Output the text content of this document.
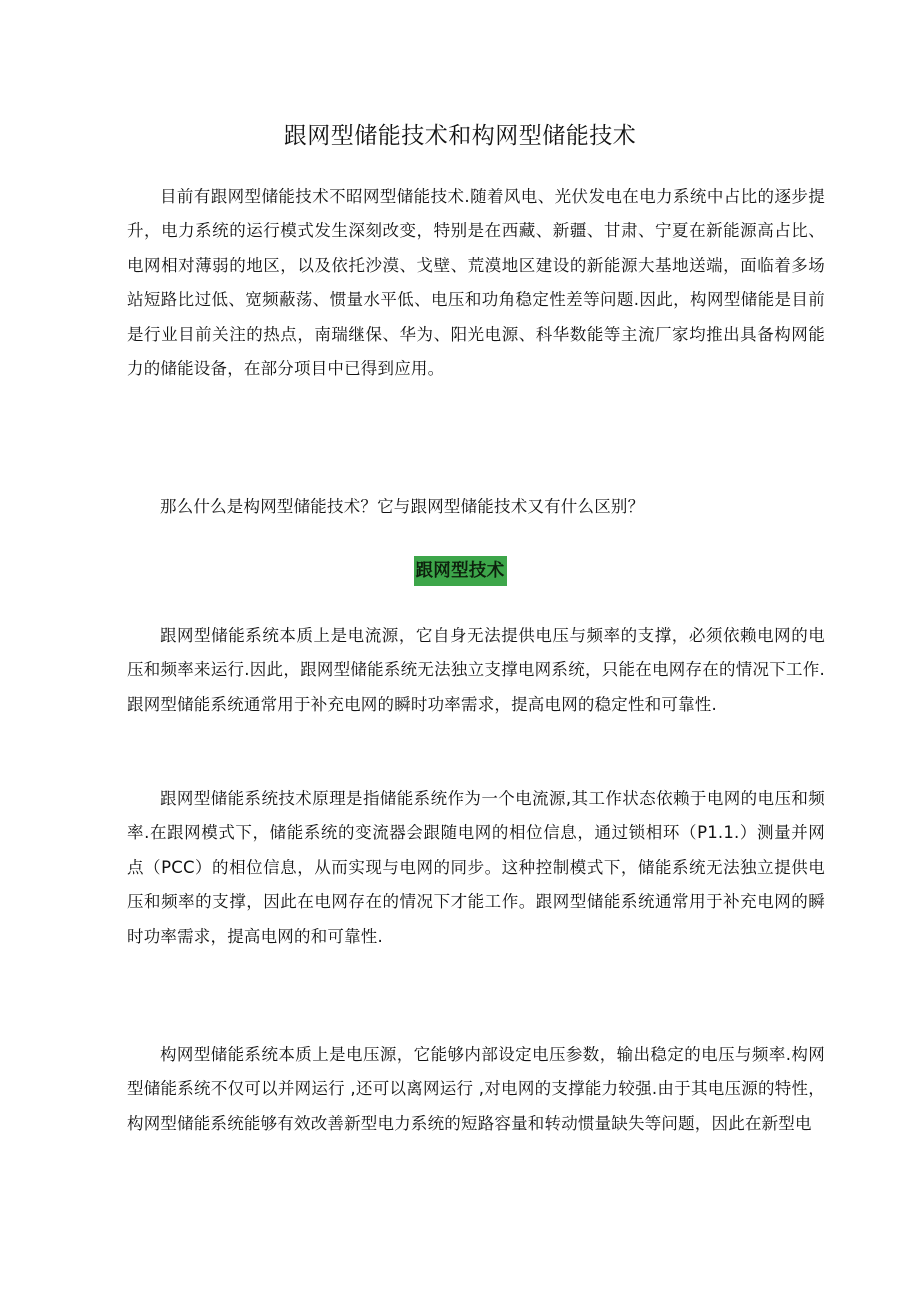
跟网型储能技术和构网型储能技术

目前有跟网型储能技术不昭网型储能技术.随着风电、光伏发电在电力系统中占比的逐步提升，电力系统的运行模式发生深刻改变，特别是在西藏、新疆、甘肃、宁夏在新能源高占比、电网相对薄弱的地区，以及依托沙漠、戈壁、荒漠地区建设的新能源大基地送端，面临着多场站短路比过低、宽频蔽荡、惯量水平低、电压和功角稳定性差等问题.因此，构网型储能是目前是行业目前关注的热点，南瑞继保、华为、阳光电源、科华数能等主流厂家均推出具备构网能力的储能设备，在部分项目中已得到应用。

那么什么是构网型储能技术？它与跟网型储能技术又有什么区别？

跟网型技术

跟网型储能系统本质上是电流源，它自身无法提供电压与频率的支撑，必须依赖电网的电压和频率来运行.因此，跟网型储能系统无法独立支撑电网系统，只能在电网存在的情况下工作.跟网型储能系统通常用于补充电网的瞬时功率需求，提高电网的稳定性和可靠性.

跟网型储能系统技术原理是指储能系统作为一个电流源,其工作状态依赖于电网的电压和频率.在跟网模式下，储能系统的变流器会跟随电网的相位信息，通过锁相环（P1.1.）测量并网点（PCC）的相位信息，从而实现与电网的同步。这种控制模式下，储能系统无法独立提供电压和频率的支撑，因此在电网存在的情况下才能工作。跟网型储能系统通常用于补充电网的瞬时功率需求，提高电网的和可靠性.

构网型储能系统本质上是电压源，它能够内部设定电压参数，输出稳定的电压与频率.构网型储能系统不仅可以并网运行 ,还可以离网运行 ,对电网的支撑能力较强.由于其电压源的特性，构网型储能系统能够有效改善新型电力系统的短路容量和转动惯量缺失等问题，因此在新型电
